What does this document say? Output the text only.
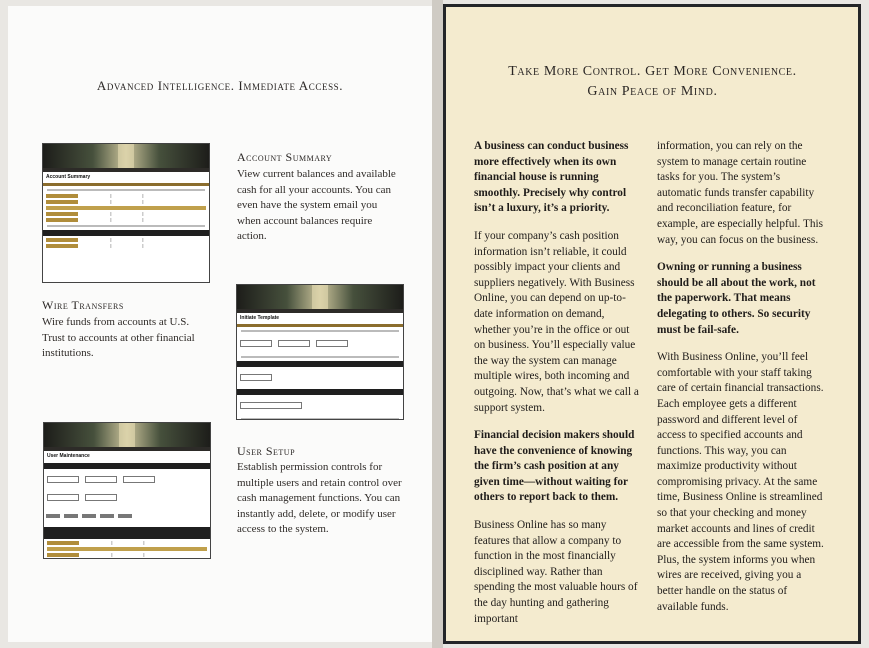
Advanced Intelligence. Immediate Access.
Account Summary
Account Summary
View current balances and available cash for all your accounts. You can even have the system email you when account balances require action.
Initiate Template
Wire Transfers
Wire funds from accounts at U.S. Trust to accounts at other financial institutions.
User Maintenance	User Setup
Establish permission controls for multiple users and retain control over cash management functions. You can instantly add, delete, or modify user access to the system.
Take More Control. Get More Convenience.
Gain Peace of Mind.

A business can conduct business more effectively when its own financial house is running smoothly. Precisely why control isn’t a luxury, it’s a priority.

If your company’s cash position information isn’t reliable, it could possibly impact your clients and suppliers negatively. With Business Online, you can depend on up-to-date information on demand, whether you’re in the office or out on business. You’ll especially value the way the system can manage multiple wires, both incoming and outgoing. Now, that’s what we call a support system.

Financial decision makers should have the convenience of knowing the firm’s cash position at any given time—without waiting for others to report back to them.

Business Online has so many features that allow a company to function in the most financially disciplined way. Rather than spending the most valuable hours of the day hunting and gathering important

information, you can rely on the system to manage certain routine tasks for you. The system’s automatic funds transfer capability and reconciliation feature, for example, are especially helpful. This way, you can focus on the business.

Owning or running a business should be all about the work, not the paperwork. That means delegating to others. So security must be fail-safe.

With Business Online, you’ll feel comfortable with your staff taking care of certain financial transactions. Each employee gets a different password and different level of access to specified accounts and functions. This way, you can maximize productivity without compromising privacy. At the same time, Business Online is streamlined so that your checking and money market accounts and lines of credit are accessible from the same system. Plus, the system informs you when wires are received, giving you a better handle on the status of available funds.
